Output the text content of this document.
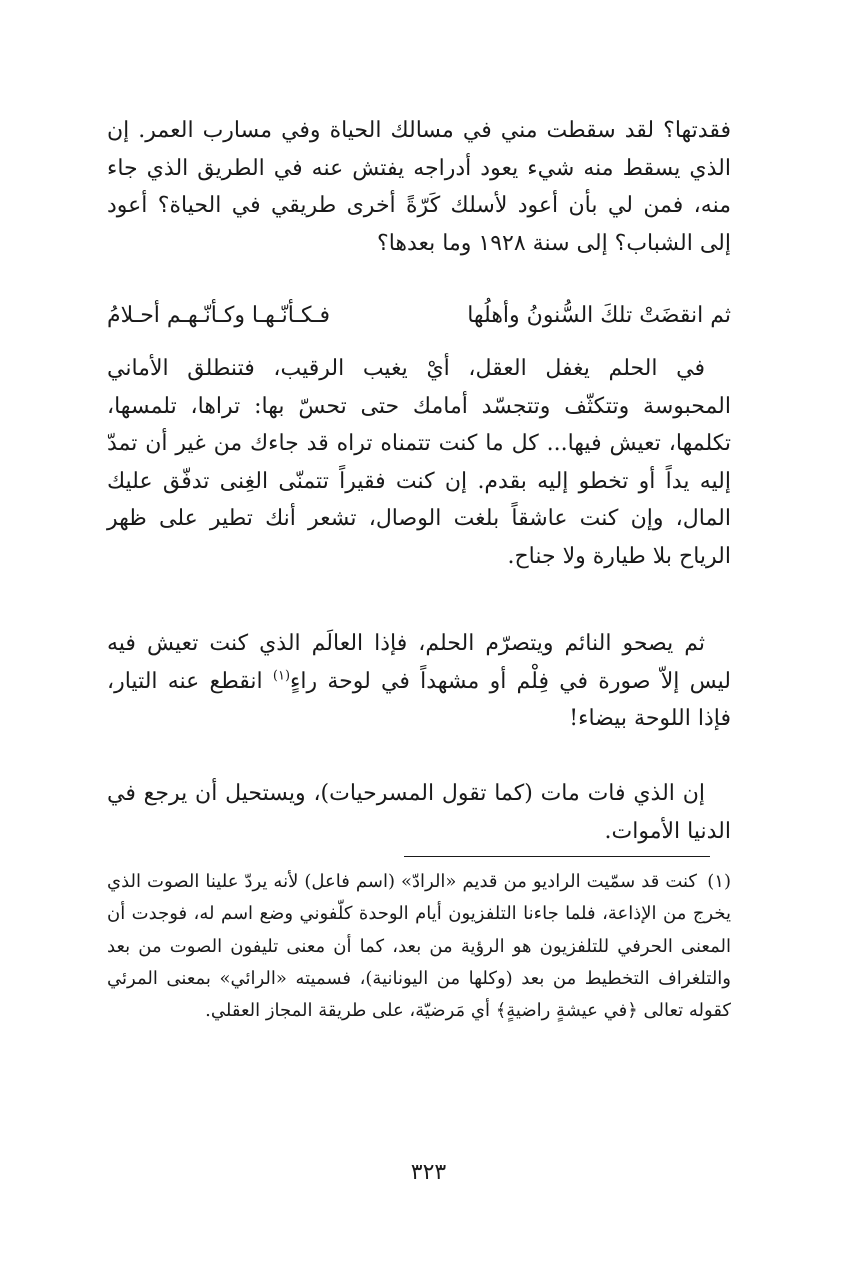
فقدتها؟ لقد سقطت مني في مسالك الحياة وفي مسارب العمر. إن الذي يسقط منه شيء يعود أدراجه يفتش عنه في الطريق الذي جاء منه، فمن لي بأن أعود لأسلك كَرّةً أخرى طريقي في الحياة؟ أعود إلى الشباب؟ إلى سنة ١٩٢٨ وما بعدها؟

ثم انقضَتْ تلكَ السُّنونُ وأهلُها
فـكـأنّـهـا وكـأنّـهـم أحـلامُ

في الحلم يغفل العقل، أيْ يغيب الرقيب، فتنطلق الأماني المحبوسة وتتكثّف وتتجسّد أمامك حتى تحسّ بها: تراها، تلمسها، تكلمها، تعيش فيها... كل ما كنت تتمناه تراه قد جاءك من غير أن تمدّ إليه يداً أو تخطو إليه بقدم. إن كنت فقيراً تتمنّى الغِنى تدفّق عليك المال، وإن كنت عاشقاً بلغت الوصال، تشعر أنك تطير على ظهر الرياح بلا طيارة ولا جناح.

ثم يصحو النائم ويتصرّم الحلم، فإذا العالَم الذي كنت تعيش فيه ليس إلاّ صورة في فِلْم أو مشهداً في لوحة راءٍ$^{(١)}$ انقطع عنه التيار، فإذا اللوحة بيضاء!

إن الذي فات مات (كما تقول المسرحيات)، ويستحيل أن يرجع في الدنيا الأموات.

(١)كنت قد سمّيت الراديو من قديم «الرادّ» (اسم فاعل) لأنه يردّ علينا الصوت الذي يخرج من الإذاعة، فلما جاءنا التلفزيون أيام الوحدة كلّفوني وضع اسم له، فوجدت أن المعنى الحرفي للتلفزيون هو الرؤية من بعد، كما أن معنى تليفون الصوت من بعد والتلغراف التخطيط من بعد (وكلها من اليونانية)، فسميته «الرائي» بمعنى المرئي كقوله تعالى ﴿في عيشةٍ راضيةٍ﴾ أي مَرضيّة، على طريقة المجاز العقلي.
٣٢٣
